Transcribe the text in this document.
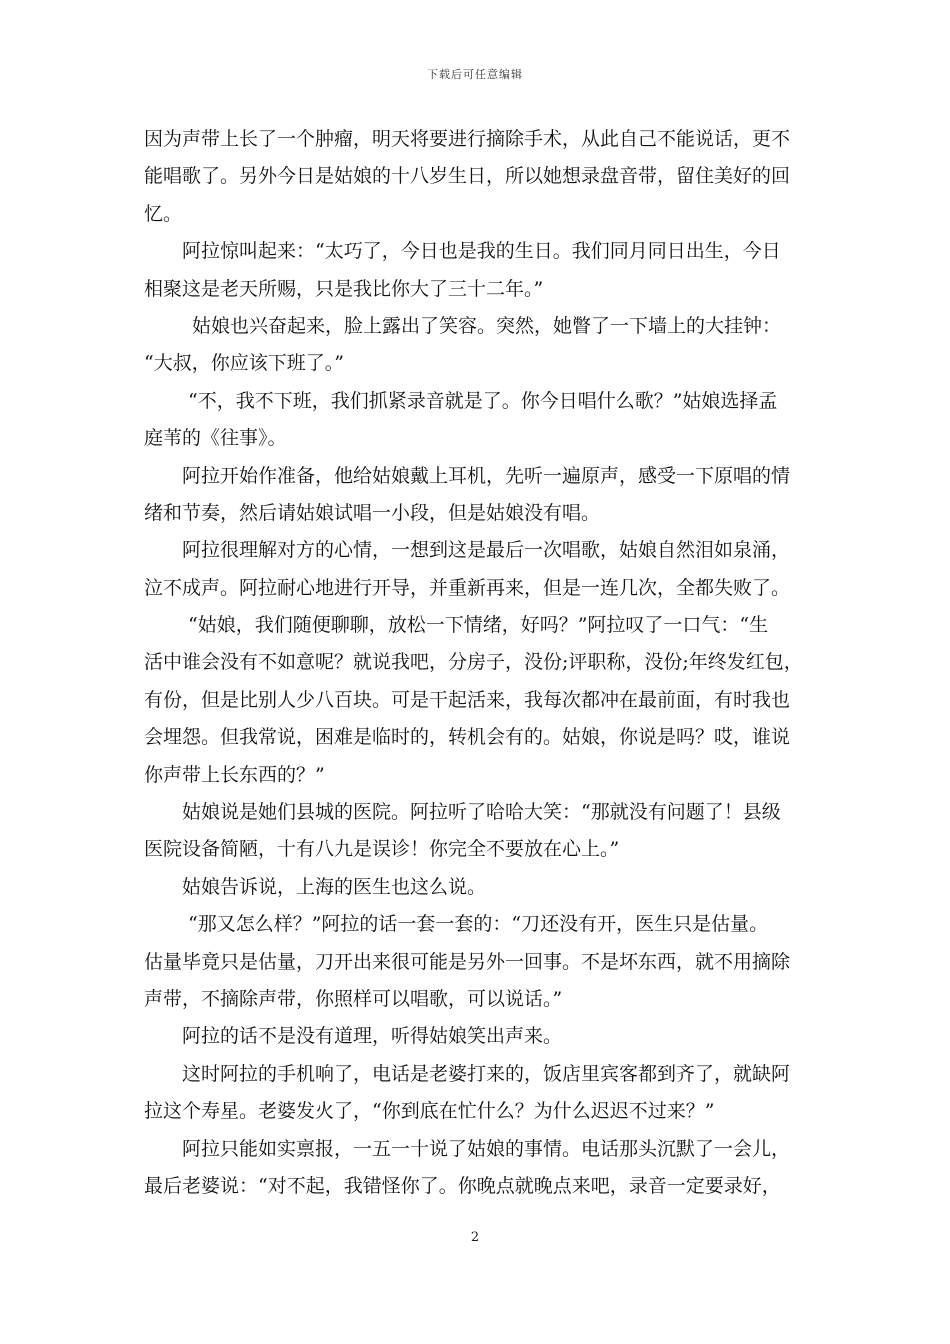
下载后可任意编辑
因为声带上长了一个肿瘤，明天将要进行摘除手术，从此自己不能说话，更不
能唱歌了。另外今日是姑娘的十八岁生日，所以她想录盘音带，留住美好的回
忆。
阿拉惊叫起来：“太巧了，今日也是我的生日。我们同月同日出生，今日
相聚这是老天所赐，只是我比你大了三十二年。”
姑娘也兴奋起来，脸上露出了笑容。突然，她瞥了一下墙上的大挂钟：
“大叔，你应该下班了。”
“不，我不下班，我们抓紧录音就是了。你今日唱什么歌？”姑娘选择孟
庭苇的《往事》。
阿拉开始作准备，他给姑娘戴上耳机，先听一遍原声，感受一下原唱的情
绪和节奏，然后请姑娘试唱一小段，但是姑娘没有唱。
阿拉很理解对方的心情，一想到这是最后一次唱歌，姑娘自然泪如泉涌，
泣不成声。阿拉耐心地进行开导，并重新再来，但是一连几次，全都失败了。
“姑娘，我们随便聊聊，放松一下情绪，好吗？”阿拉叹了一口气：“生
活中谁会没有不如意呢？就说我吧，分房子，没份;评职称，没份;年终发红包，
有份，但是比别人少八百块。可是干起活来，我每次都冲在最前面，有时我也
会埋怨。但我常说，困难是临时的，转机会有的。姑娘，你说是吗？哎，谁说
你声带上长东西的？”
姑娘说是她们县城的医院。阿拉听了哈哈大笑：“那就没有问题了！县级
医院设备简陋，十有八九是误诊！你完全不要放在心上。”
姑娘告诉说，上海的医生也这么说。
“那又怎么样？”阿拉的话一套一套的：“刀还没有开，医生只是估量。
估量毕竟只是估量，刀开出来很可能是另外一回事。不是坏东西，就不用摘除
声带，不摘除声带，你照样可以唱歌，可以说话。”
阿拉的话不是没有道理，听得姑娘笑出声来。
这时阿拉的手机响了，电话是老婆打来的，饭店里宾客都到齐了，就缺阿
拉这个寿星。老婆发火了，“你到底在忙什么？为什么迟迟不过来？”
阿拉只能如实禀报，一五一十说了姑娘的事情。电话那头沉默了一会儿，
最后老婆说：“对不起，我错怪你了。你晚点就晚点来吧，录音一定要录好，
2
